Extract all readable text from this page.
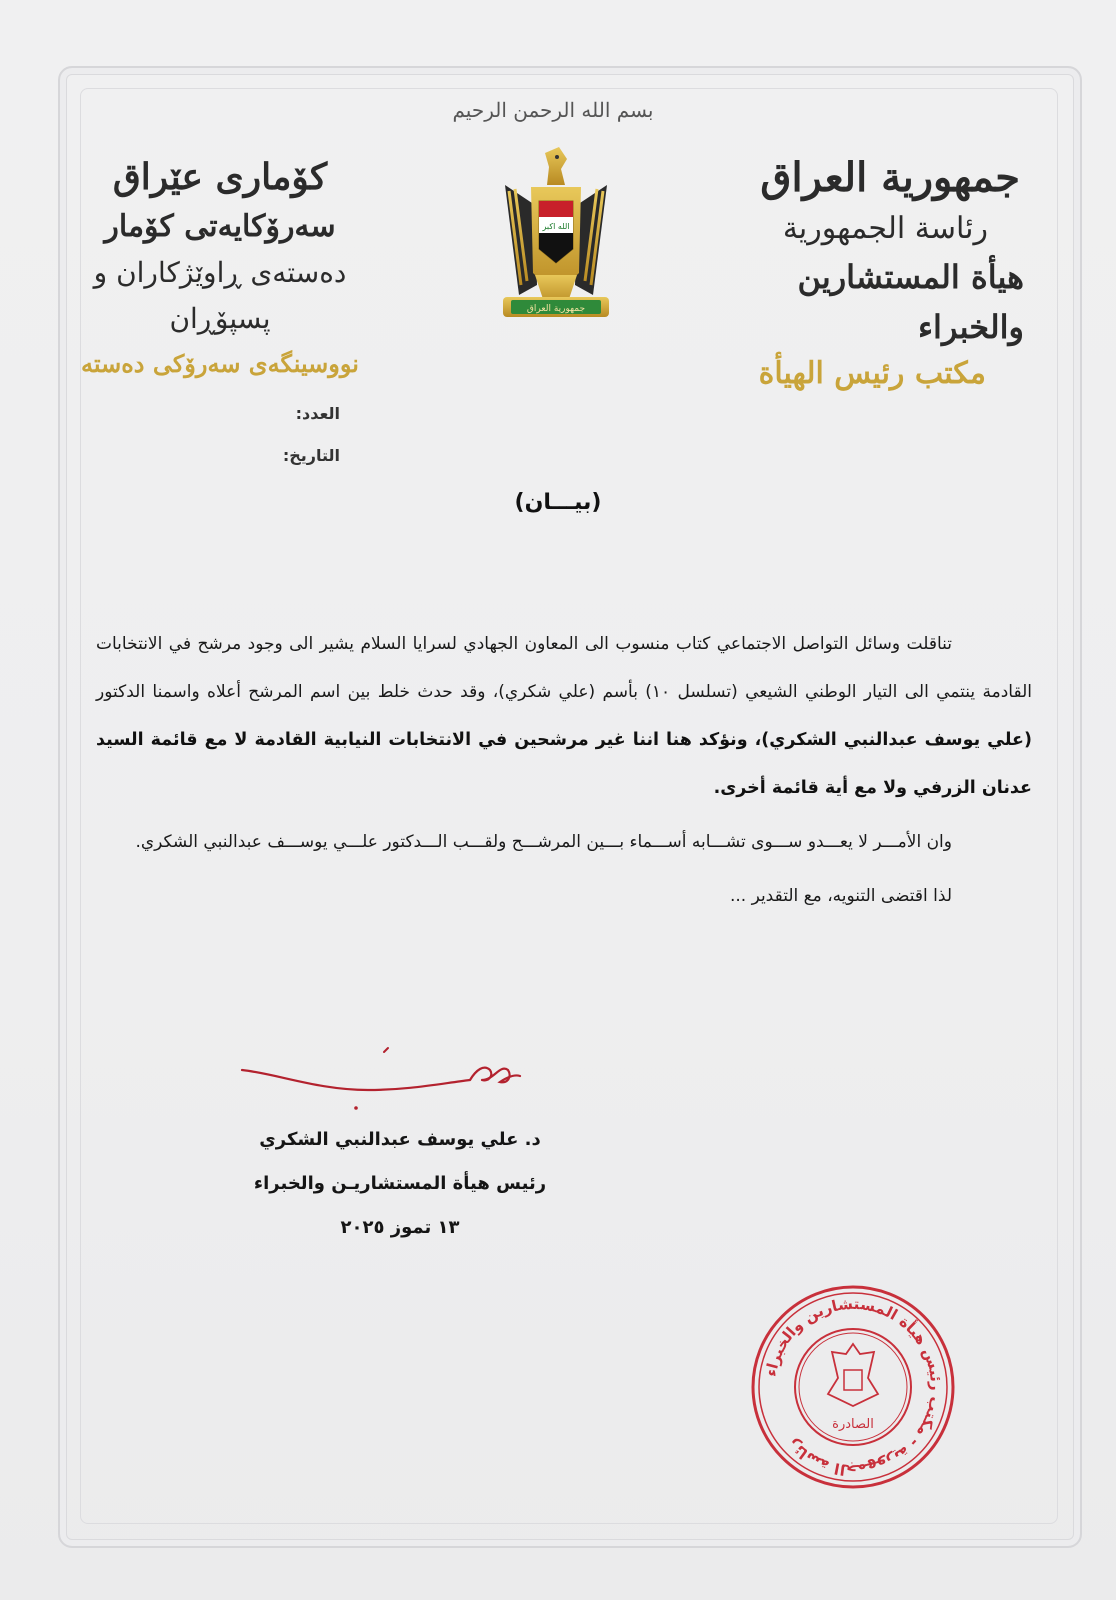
بسم الله الرحمن الرحيم
الله اكبر
جمهورية العراق
جمهورية العراق
رئاسة الجمهورية
هيأة المستشارين والخبراء
مكتب رئيس الهيأة
كۆماری عێراق
سەرۆکایەتی کۆمار
دەستەی ڕاوێژکاران و پسپۆڕان
نووسینگەی سەرۆکی دەستە
العدد:
التاريخ:
(بيـــان)

تناقلت وسائل التواصل الاجتماعي كتاب منسوب الى المعاون الجهادي لسرايا السلام يشير الى وجود مرشح في الانتخابات القادمة ينتمي الى التيار الوطني الشيعي (تسلسل ١٠) بأسم (علي شكري)، وقد حدث خلط بين اسم المرشح أعلاه واسمنا الدكتور (علي يوسف عبدالنبي الشكري)، ونؤكد هنا اننا غير مرشحين في الانتخابات النيابية القادمة لا مع قائمة السيد عدنان الزرفي ولا مع أية قائمة أخرى.

وان الأمـــر لا يعـــدو ســـوى تشـــابه أســـماء بـــين المرشـــح ولقـــب الـــدكتور علـــي يوســـف عبدالنبي الشكري.

لذا اقتضى التنويه، مع التقدير ...

د. علي يوسف عبدالنبي الشكري
رئيس هيأة المستشاريـن والخبراء
١٣ تموز ٢٠٢٥
رئاسة الجمهورية - مكتب رئيس هيأة المستشارين والخبراء
الصادرة
